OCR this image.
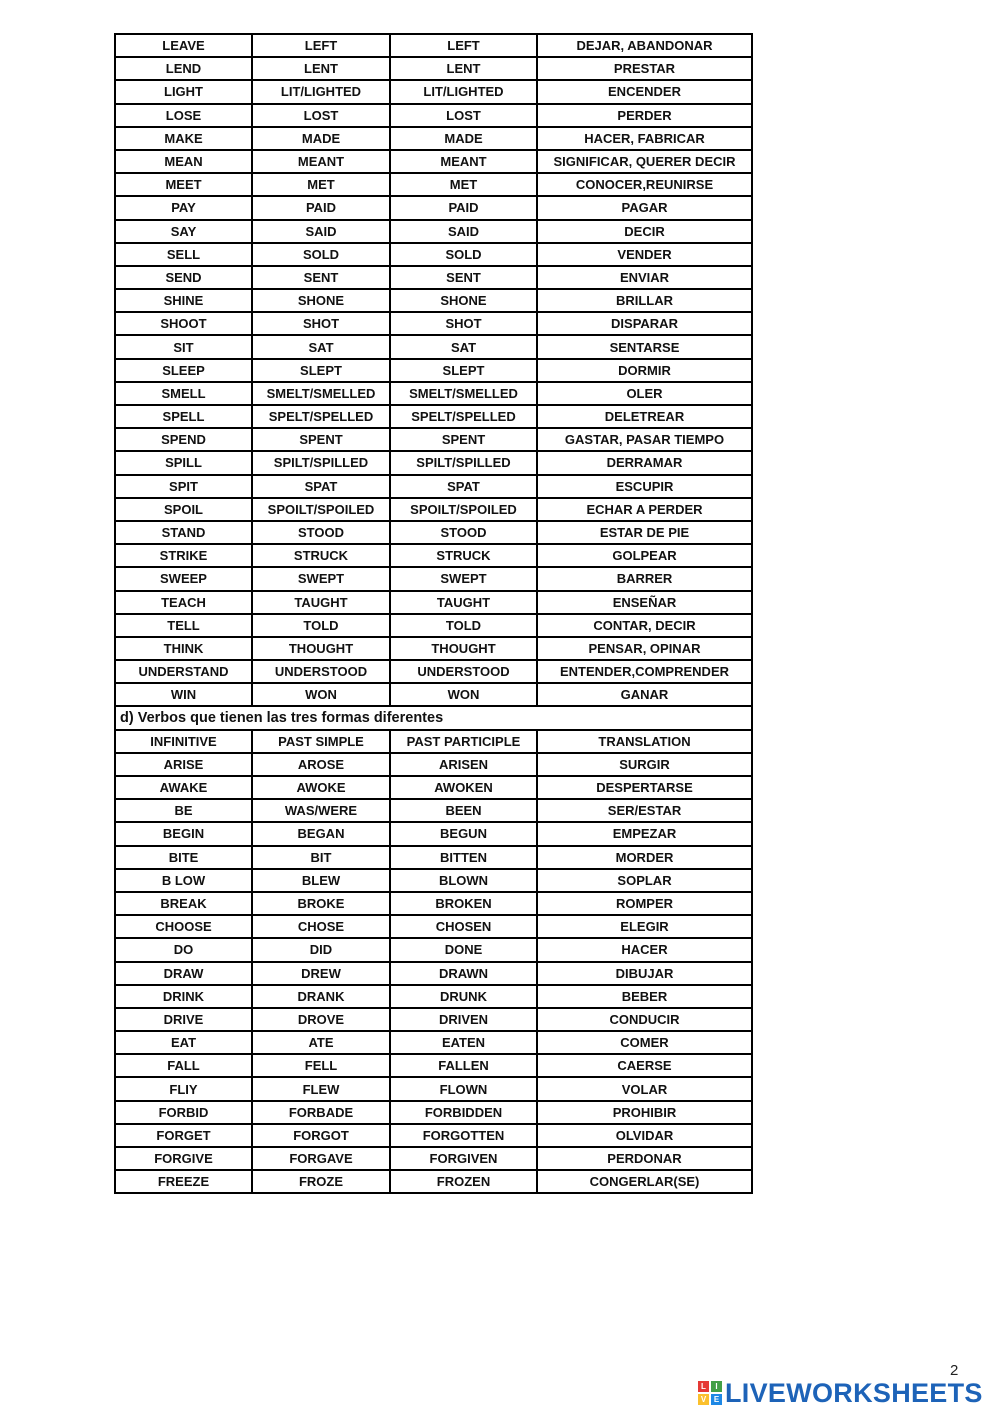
LEAVE	LEFT	LEFT	DEJAR, ABANDONAR
LEND	LENT	LENT	PRESTAR
LIGHT	LIT/LIGHTED	LIT/LIGHTED	ENCENDER
LOSE	LOST	LOST	PERDER
MAKE	MADE	MADE	HACER, FABRICAR
MEAN	MEANT	MEANT	SIGNIFICAR, QUERER DECIR
MEET	MET	MET	CONOCER,REUNIRSE
PAY	PAID	PAID	PAGAR
SAY	SAID	SAID	DECIR
SELL	SOLD	SOLD	VENDER
SEND	SENT	SENT	ENVIAR
SHINE	SHONE	SHONE	BRILLAR
SHOOT	SHOT	SHOT	DISPARAR
SIT	SAT	SAT	SENTARSE
SLEEP	SLEPT	SLEPT	DORMIR
SMELL	SMELT/SMELLED	SMELT/SMELLED	OLER
SPELL	SPELT/SPELLED	SPELT/SPELLED	DELETREAR
SPEND	SPENT	SPENT	GASTAR, PASAR TIEMPO
SPILL	SPILT/SPILLED	SPILT/SPILLED	DERRAMAR
SPIT	SPAT	SPAT	ESCUPIR
SPOIL	SPOILT/SPOILED	SPOILT/SPOILED	ECHAR A PERDER
STAND	STOOD	STOOD	ESTAR DE PIE
STRIKE	STRUCK	STRUCK	GOLPEAR
SWEEP	SWEPT	SWEPT	BARRER
TEACH	TAUGHT	TAUGHT	ENSEÑAR
TELL	TOLD	TOLD	CONTAR, DECIR
THINK	THOUGHT	THOUGHT	PENSAR, OPINAR
UNDERSTAND	UNDERSTOOD	UNDERSTOOD	ENTENDER,COMPRENDER
WIN	WON	WON	GANAR
d) Verbos que tienen las tres formas diferentes			
INFINITIVE	PAST SIMPLE	PAST PARTICIPLE	TRANSLATION
ARISE	AROSE	ARISEN	SURGIR
AWAKE	AWOKE	AWOKEN	DESPERTARSE
BE	WAS/WERE	BEEN	SER/ESTAR
BEGIN	BEGAN	BEGUN	EMPEZAR
BITE	BIT	BITTEN	MORDER
B LOW	BLEW	BLOWN	SOPLAR
BREAK	BROKE	BROKEN	ROMPER
CHOOSE	CHOSE	CHOSEN	ELEGIR
DO	DID	DONE	HACER
DRAW	DREW	DRAWN	DIBUJAR
DRINK	DRANK	DRUNK	BEBER
DRIVE	DROVE	DRIVEN	CONDUCIR
EAT	ATE	EATEN	COMER
FALL	FELL	FALLEN	CAERSE
FLIY	FLEW	FLOWN	VOLAR
FORBID	FORBADE	FORBIDDEN	PROHIBIR
FORGET	FORGOT	FORGOTTEN	OLVIDAR
FORGIVE	FORGAVE	FORGIVEN	PERDONAR
FREEZE	FROZE	FROZEN	CONGERLAR(SE)
2
L	I
V E LIVEWORKSHEETS
